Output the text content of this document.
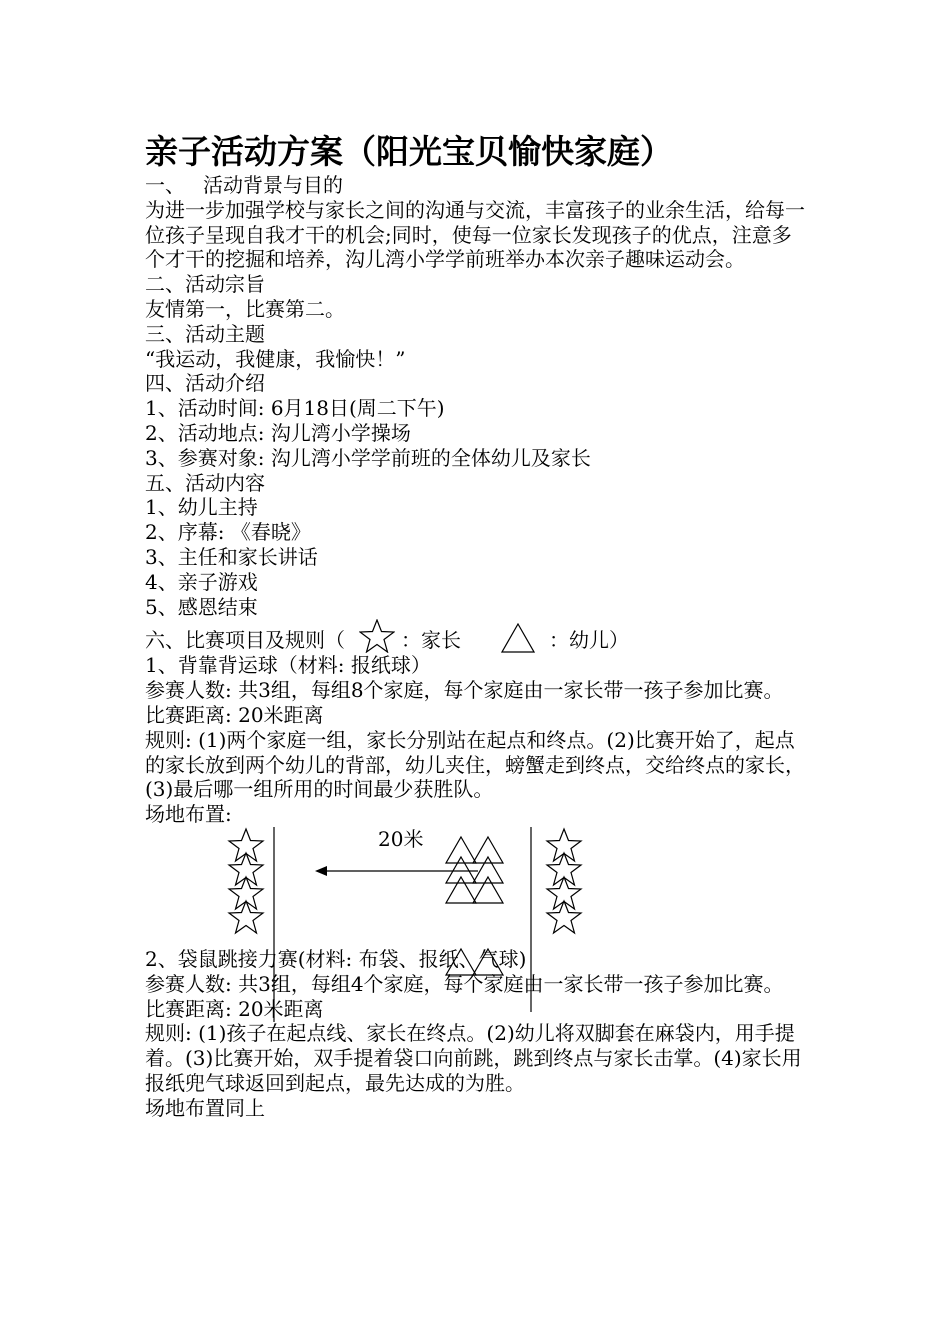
亲子活动方案（阳光宝贝愉快家庭）

一、 活动背景与目的

为进一步加强学校与家长之间的沟通与交流，丰富孩子的业余生活，给每一位孩子呈现自我才干的机会;同时，使每一位家长发现孩子的优点，注意多个才干的挖掘和培养，沟儿湾小学学前班举办本次亲子趣味运动会。

二、活动宗旨

友情第一，比赛第二。

三、活动主题

“我运动，我健康，我愉快！”

四、活动介绍

1、活动时间: 6月18日(周二下午)

2、活动地点: 沟儿湾小学操场

3、参赛对象: 沟儿湾小学学前班的全体幼儿及家长

五、活动内容

1、幼儿主持

2、序幕: 《春晓》

3、主任和家长讲话

4、亲子游戏

5、感恩结束

六、比赛项目及规则（	：家长	：幼儿）

1、背靠背运球（材料: 报纸球）

参赛人数: 共3组，每组8个家庭，每个家庭由一家长带一孩子参加比赛。

比赛距离: 20米距离

规则: (1)两个家庭一组，家长分别站在起点和终点。(2)比赛开始了，起点的家长放到两个幼儿的背部，幼儿夹住，螃蟹走到终点，交给终点的家长， (3)最后哪一组所用的时间最少获胜队。

场地布置:

20米

2、袋鼠跳接力赛(材料: 布袋、报纸、气球)

参赛人数: 共3组，每组4个家庭，每个家庭由一家长带一孩子参加比赛。

比赛距离: 20米距离

规则: (1)孩子在起点线、家长在终点。(2)幼儿将双脚套在麻袋内，用手提着。(3)比赛开始，双手提着袋口向前跳，跳到终点与家长击掌。(4)家长用报纸兜气球返回到起点，最先达成的为胜。

场地布置同上
